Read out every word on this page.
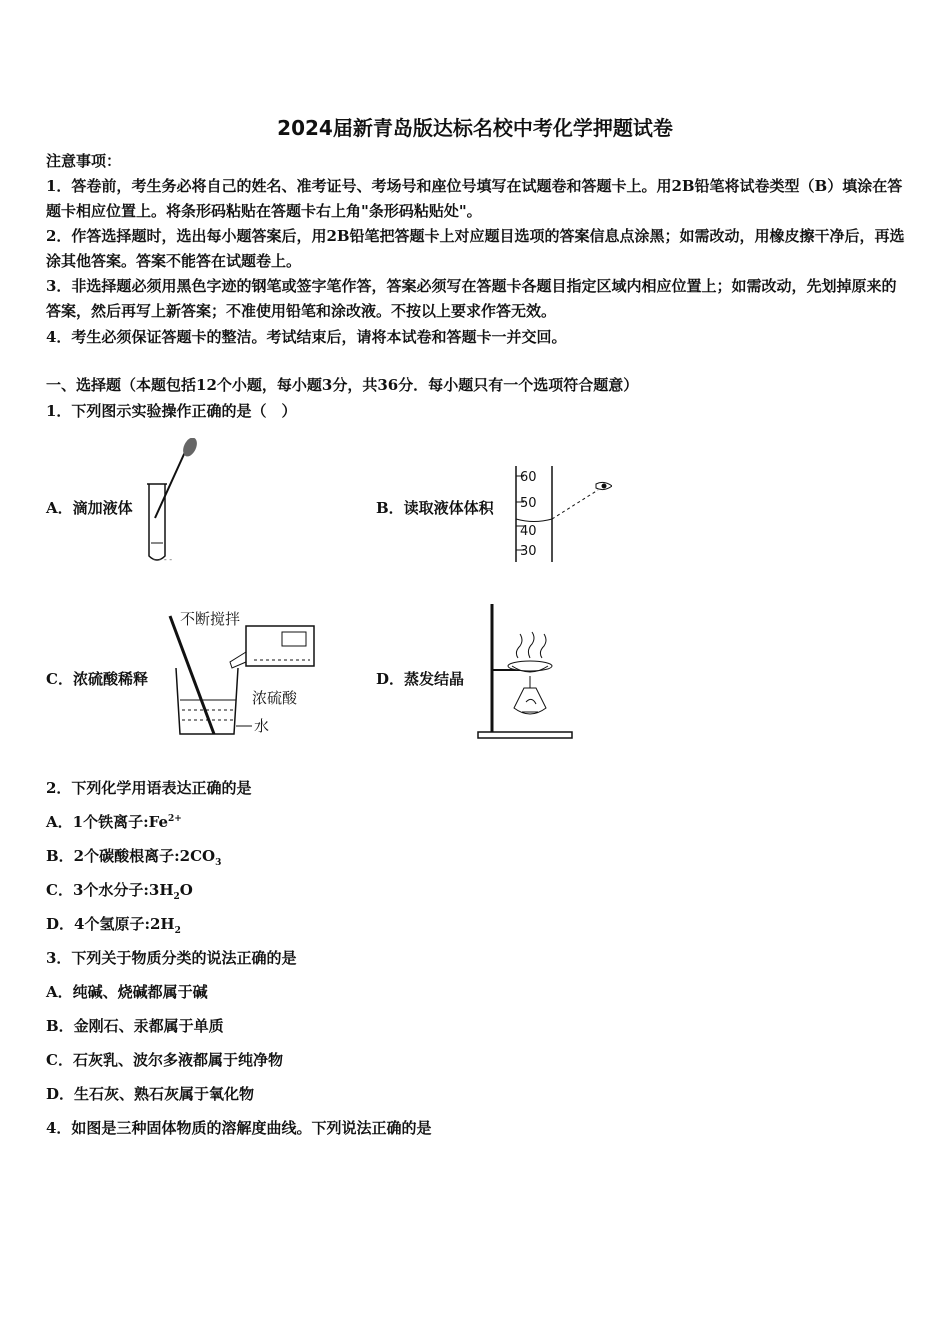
2024届新青岛版达标名校中考化学押题试卷
注意事项：
1．答卷前，考生务必将自己的姓名、准考证号、考场号和座位号填写在试题卷和答题卡上。用2B铅笔将试卷类型（B）填涂在答题卡相应位置上。将条形码粘贴在答题卡右上角"条形码粘贴处"。
2．作答选择题时，选出每小题答案后，用2B铅笔把答题卡上对应题目选项的答案信息点涂黑；如需改动，用橡皮擦干净后，再选涂其他答案。答案不能答在试题卷上。
3．非选择题必须用黑色字迹的钢笔或签字笔作答，答案必须写在答题卡各题目指定区域内相应位置上；如需改动，先划掉原来的答案，然后再写上新答案；不准使用铅笔和涂改液。不按以上要求作答无效。
4．考生必须保证答题卡的整洁。考试结束后，请将本试卷和答题卡一并交回。
一、选择题（本题包括12个小题，每小题3分，共36分．每小题只有一个选项符合题意）
1．下列图示实验操作正确的是（　）
A．滴加液体	B．读取液体体积
C．浓硫酸稀释	D．蒸发结晶
- - - -
60
50
40
30
不断搅拌
浓硫酸
水
2．下列化学用语表达正确的是
A．1个铁离子$:Fe^{2+}$
B．2个碳酸根离子$:2CO_3$
C．3个水分子$:3H_2O$
D．4个氢原子$:2H_2$
3．下列关于物质分类的说法正确的是
A．纯碱、烧碱都属于碱
B．金刚石、汞都属于单质
C．石灰乳、波尔多液都属于纯净物
D．生石灰、熟石灰属于氧化物
4．如图是三种固体物质的溶解度曲线。下列说法正确的是
